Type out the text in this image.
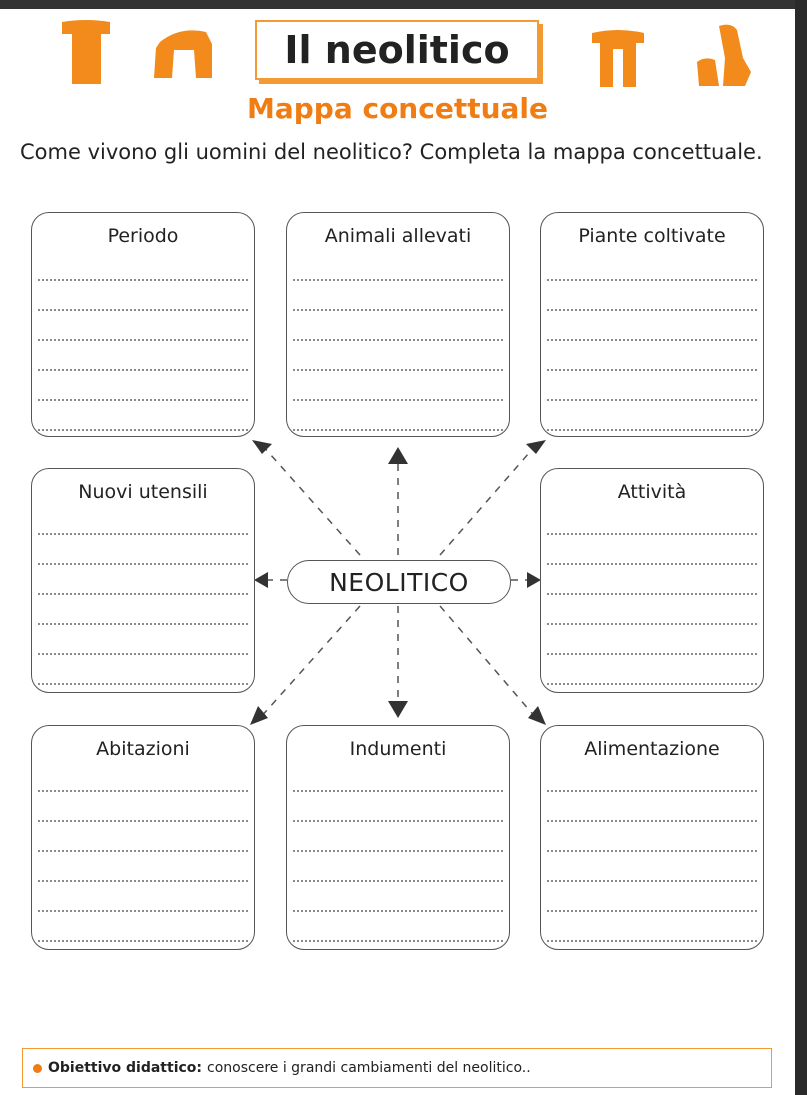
Il neolitico
Mappa concettuale
Come vivono gli uomini del neolitico? Completa la mappa concettuale.
Periodo	Animali allevati	Piante coltivate
Nuovi utensili	Attività
Abitazioni	Indumenti	Alimentazione
NEOLITICO
Obiettivo didattico: conoscere i grandi cambiamenti del neolitico..
